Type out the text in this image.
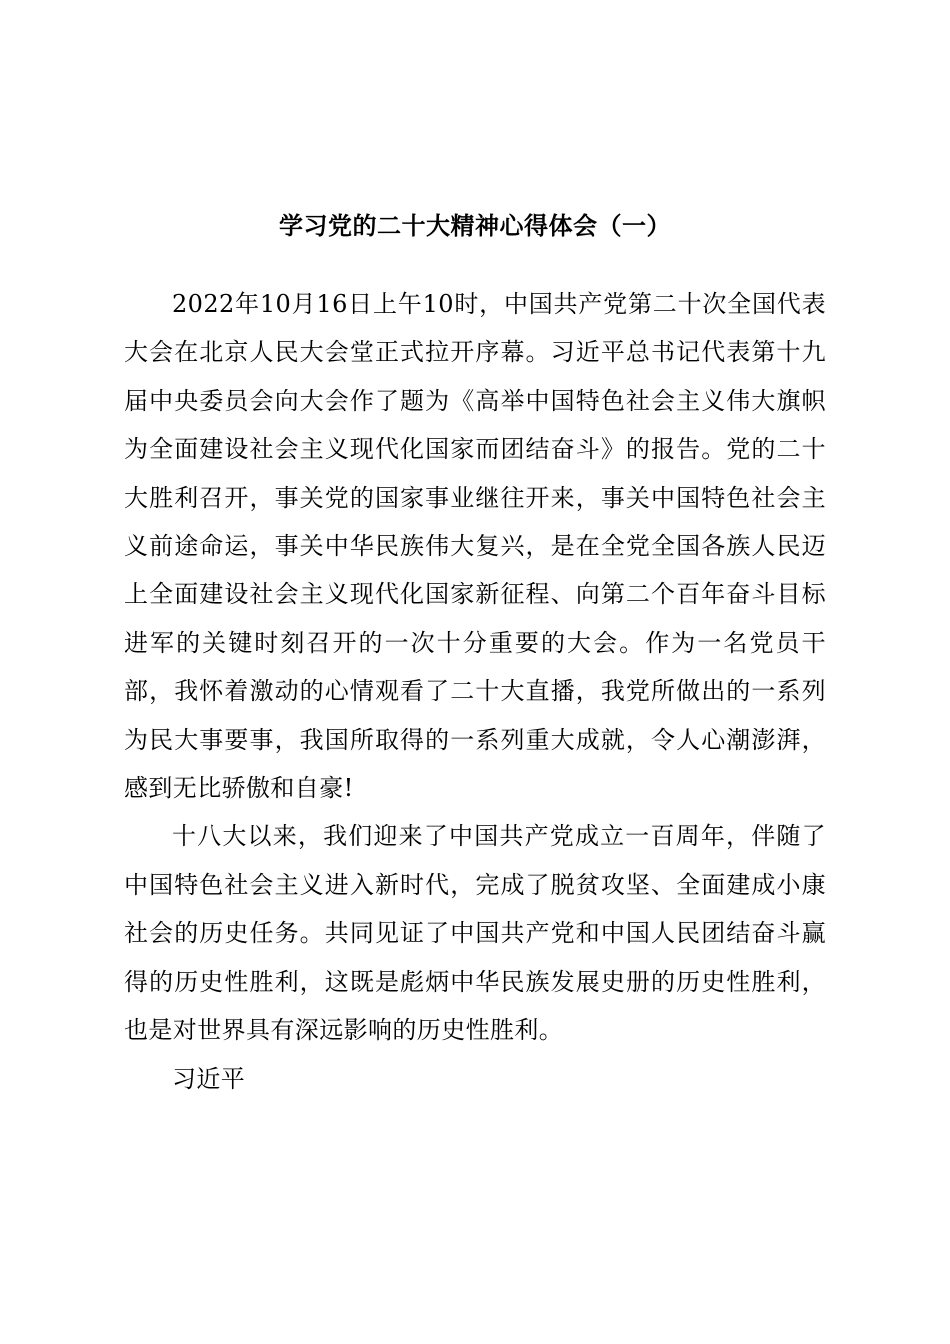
学习党的二十大精神心得体会（一）

2022年10月16日上午10时，中国共产党第二十次全国代表大会在北京人民大会堂正式拉开序幕。习近平总书记代表第十九届中央委员会向大会作了题为《高举中国特色社会主义伟大旗帜为全面建设社会主义现代化国家而团结奋斗》的报告。党的二十大胜利召开，事关党的国家事业继往开来，事关中国特色社会主义前途命运，事关中华民族伟大复兴，是在全党全国各族人民迈上全面建设社会主义现代化国家新征程、向第二个百年奋斗目标进军的关键时刻召开的一次十分重要的大会。作为一名党员干部，我怀着激动的心情观看了二十大直播，我党所做出的一系列为民大事要事，我国所取得的一系列重大成就，令人心潮澎湃，感到无比骄傲和自豪!

十八大以来，我们迎来了中国共产党成立一百周年，伴随了中国特色社会主义进入新时代，完成了脱贫攻坚、全面建成小康社会的历史任务。共同见证了中国共产党和中国人民团结奋斗赢得的历史性胜利，这既是彪炳中华民族发展史册的历史性胜利，也是对世界具有深远影响的历史性胜利。

习近平
